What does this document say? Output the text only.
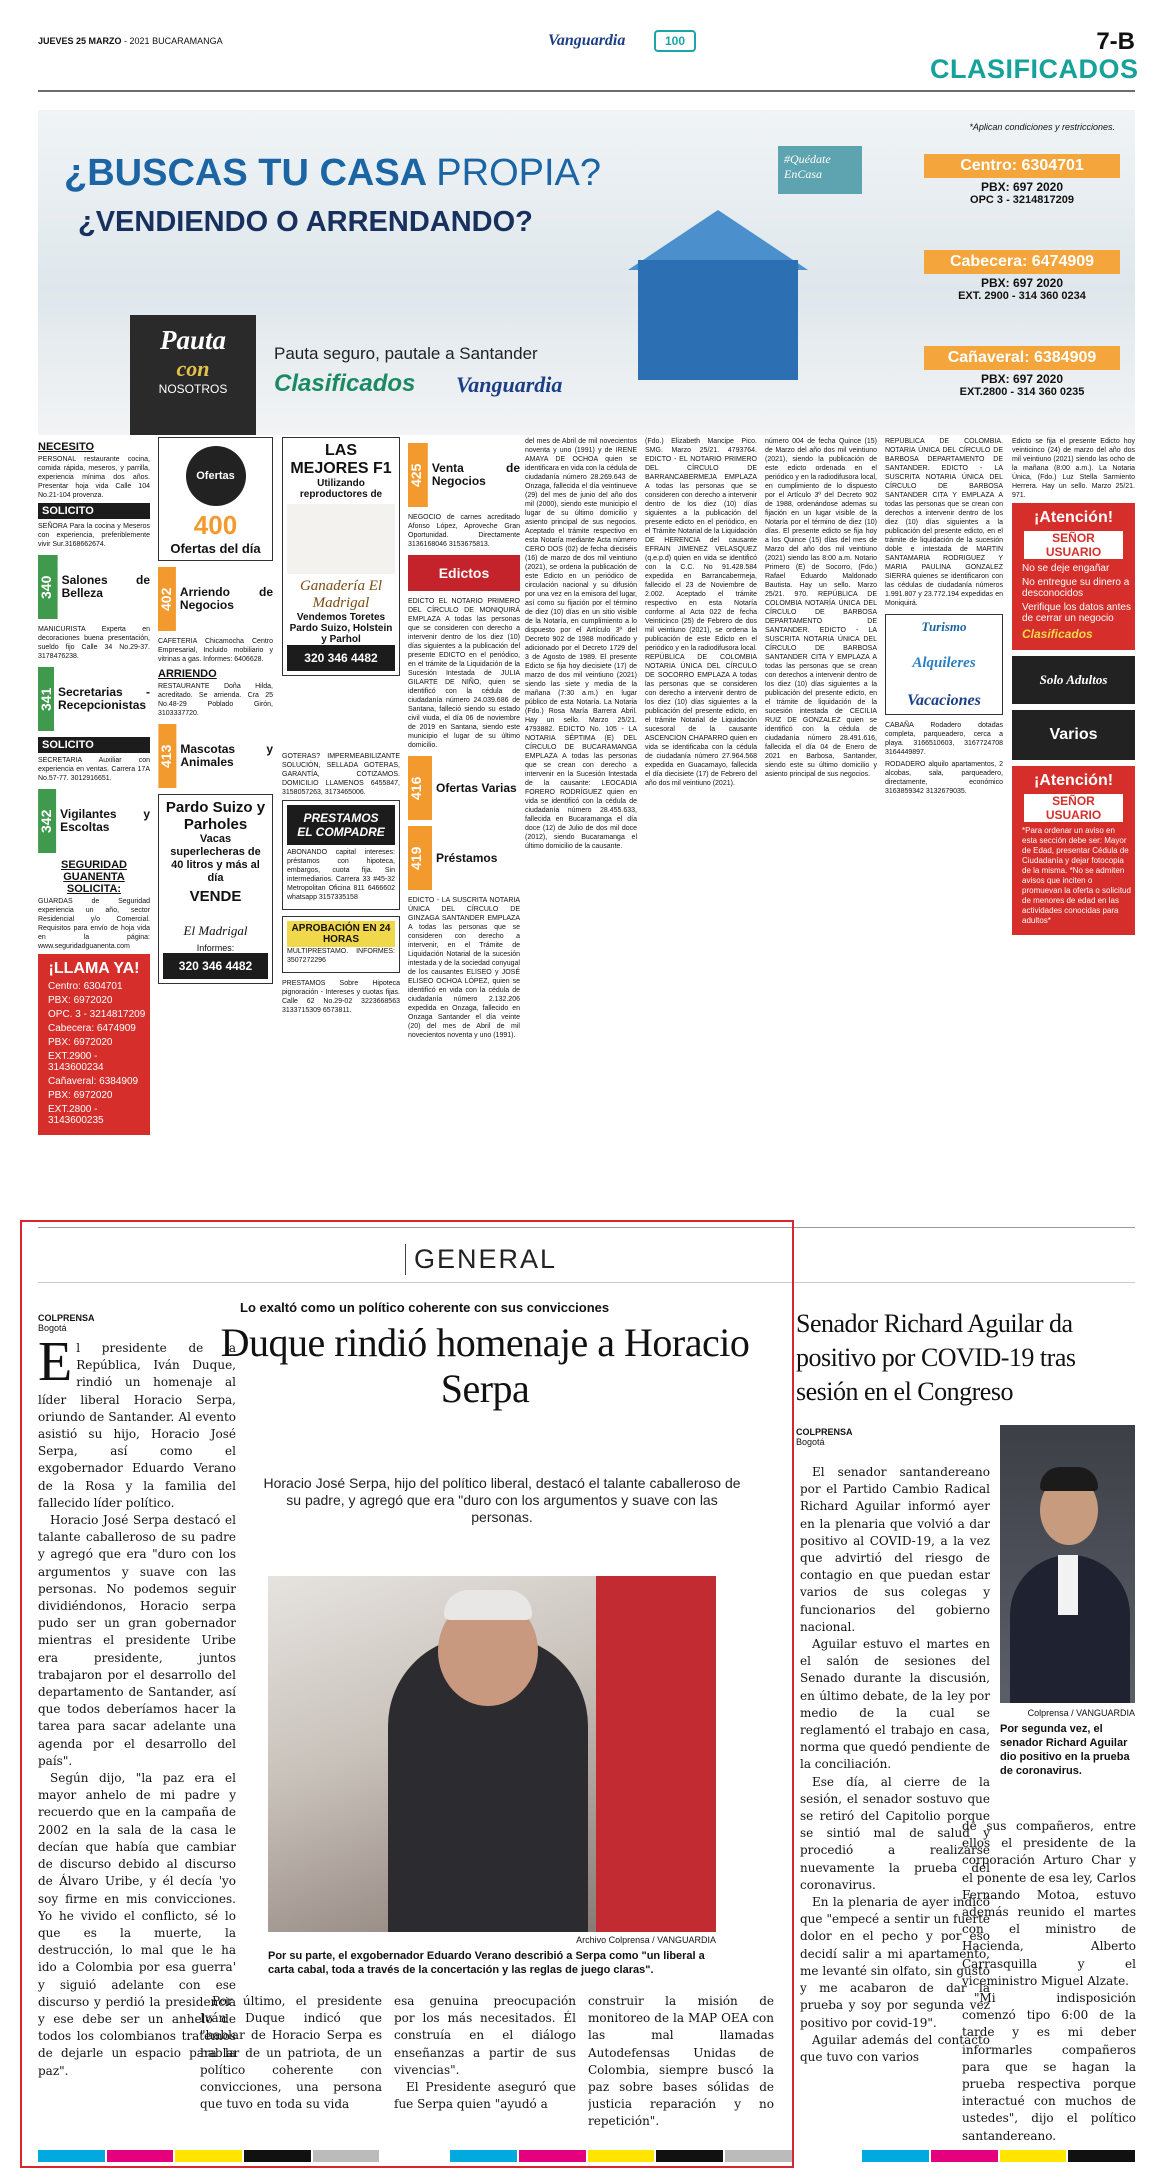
JUEVES 25 MARZO - 2021 BUCARAMANGA	Vanguardia	100	7-B
CLASIFICADOS
*Aplican condiciones y restricciones.
¿BUSCAS TU CASA PROPIA?
¿VENDIENDO O ARRENDANDO?
#Quédate EnCasa
Pauta
con
NOSOTROS
Pauta seguro, pautale a Santander
Clasificados Vanguardia
Centro: 6304701
PBX: 697 2020
OPC 3 - 3214817209
Cabecera: 6474909
PBX: 697 2020
EXT. 2900 - 314 360 0234
Cañaveral: 6384909
PBX: 697 2020
EXT.2800 - 314 360 0235
NECESITO

PERSONAL restaurante cocina, comida rápida, meseros, y parrilla, experiencia mínima dos años. Presentar hoja vida Calle 104 No.21-104 provenza.

SOLICITO

SEÑORA Para la cocina y Meseros con experiencia, preferiblemente vivir Sur.3168662674.

340 Salones de Belleza

MANICURISTA Experta en decoraciones buena presentación, sueldo fijo Calle 34 No.29-37. 3178476238.

341 Secretarias - Recepcionistas
SOLICITO

SECRETARIA Auxiliar con experiencia en ventas. Carrera 17A No.57-77. 3012916651.

342 Vigilantes y Escoltas
SEGURIDAD GUANENTA SOLICITA:

GUARDAS de Seguridad experiencia un año, sector Residencial y/o Comercial. Requisitos para envío de hoja vida en la página: www.seguridadguanenta.com

¡LLAMA YA!
Centro: 6304701
PBX: 6972020
OPC. 3 - 3214817209
Cabecera: 6474909
PBX: 6972020
EXT.2900 - 3143600234
Cañaveral: 6384909
PBX: 6972020
EXT.2800 - 3143600235
Ofertas
400
Ofertas del día
402 Arriendo de Negocios

CAFETERIA Chicamocha Centro Empresarial, Incluido mobiliario y vitrinas a gas. Informes: 6406628.

ARRIENDO

RESTAURANTE Doña Hilda, acreditado. Se arrienda. Cra 25 No.48-29 Poblado Girón, 3103337720.

413 Mascotas y Animales
Pardo Suizo y Parholes
Vacas superlecheras de 40 litros y más al día
VENDE
El Madrigal
Informes:
320 346 4482
LAS MEJORES F1
Utilizando reproductores de
Ganadería El Madrigal
Vendemos Toretes Pardo Suizo, Holstein y Parhol
320 346 4482

GOTERAS? IMPERMEABILIZANTE SOLUCIÓN, SELLADA GOTERAS, GARANTÍA, COTIZAMOS. DOMICILIO LLAMENOS 6455847, 3158057263, 3173465006.

PRESTAMOS
EL COMPADRE

ABONANDO capital intereses: préstamos con hipoteca, embargos, cuota fija. Sin intermediarios. Carrera 33 #45-32 Metropolitan Oficina 811 6466602 whatsapp 3157335158

APROBACIÓN EN 24 HORAS

MULTIPRESTAMO. INFORMES: 3507272296

PRESTAMOS Sobre Hipoteca pignoración - Intereses y cuotas fijas. Calle 62 No.29-02 3223668563 3133715309 6573811.

425 Venta de Negocios

NEGOCIO de carnes acreditado Afonso López, Aproveche Gran Oportunidad. Directamente 3136168046 3153675813.

Edictos

EDICTO EL NOTARIO PRIMERO DEL CÍRCULO DE MONIQUIRÁ EMPLAZA A todas las personas que se consideren con derecho a intervenir dentro de los diez (10) días siguientes a la publicación del presente EDICTO en el periódico, en el trámite de la Liquidación de la Sucesión Intestada de JULIA GILARTE DE NIÑO, quien se identificó con la cédula de ciudadanía número 24.039.686 de Santana, falleció siendo su estado civil viuda, el día 06 de noviembre de 2019 en Santana, siendo este municipio el lugar de su último domicilio.

416	Ofertas Varias
419	Préstamos

EDICTO - LA SUSCRITA NOTARIA ÚNICA DEL CÍRCULO DE GINZAGA SANTANDER EMPLAZA A todas las personas que se consideren con derecho a intervenir, en el Trámite de Liquidación Notarial de la sucesión intestada y de la sociedad conyugal de los causantes ELISEO y JOSÉ ELISEO OCHOA LÓPEZ, quien se identificó en vida con la cédula de ciudadanía número 2.132.206 expedida en Onzaga, fallecido en Onzaga Santander el día veinte (20) del mes de Abril de mil novecientos noventa y uno (1991).

del mes de Abril de mil novecientos noventa y uno (1991) y de IRENE AMAYA DE OCHOA quien se identificara en vida con la cédula de ciudadanía número 28.269.643 de Onzaga, fallecida el día veintinueve (29) del mes de junio del año dos mil (2000), siendo este municipio el lugar de su último domicilio y asiento principal de sus negocios. Aceptado el trámite respectivo en esta Notaría mediante Acta número CERO DOS (02) de fecha dieciséis (16) de marzo de dos mil veintiuno (2021), se ordena la publicación de este Edicto en un periódico de circulación nacional y su difusión por una vez en la emisora del lugar, así como su fijación por el término de diez (10) días en un sitio visible de la Notaría, en cumplimiento a lo dispuesto por el Artículo 3º del Decreto 902 de 1988 modificado y adicionado por el Decreto 1729 del 3 de Agosto de 1989. El presente Edicto se fija hoy diecisiete (17) de marzo de dos mil veintiuno (2021) siendo las siete y media de la mañana (7:30 a.m.) en lugar público de esta Notaría. La Notaria (Fdo.) Rosa María Barrera Abril. Hay un sello. Marzo 25/21. 4793882. EDICTO No. 105 - LA NOTARIA SÉPTIMA (E) DEL CÍRCULO DE BUCARAMANGA EMPLAZA A todas las personas que se crean con derecho a intervenir en la Sucesión Intestada de la causante: LEOCADIA FORERO RODRÍGUEZ quien en vida se identificó con la cédula de ciudadanía número 28.455.633, fallecida en Bucaramanga el día doce (12) de Julio de dos mil doce (2012), siendo Bucaramanga el último domicilio de la causante.

(Fdo.) Elizabeth Mancipe Pico. SMG. Marzo 25/21. 4793764. EDICTO - EL NOTARIO PRIMERO DEL CÍRCULO DE BARRANCABERMEJA EMPLAZA A todas las personas que se consideren con derecho a intervenir dentro de los diez (10) días siguientes a la publicación del presente edicto en el periódico, en el Trámite Notarial de la Liquidación DE HERENCIA del causante EFRAIN JIMENEZ VELASQUEZ (q.e.p.d) quien en vida se identificó con la C.C. No 91.428.584 expedida en Barrancabermeja, fallecido el 23 de Noviembre de 2.002. Aceptado el trámite respectivo en esta Notaría conforme al Acta 022 de fecha Veinticinco (25) de Febrero de dos mil veintiuno (2021), se ordena la publicación de este Edicto en el periódico y en la radiodifusora local. REPÚBLICA DE COLOMBIA NOTARIA ÚNICA DEL CÍRCULO DE SOCORRO EMPLAZA A todas las personas que se consideren con derecho a intervenir dentro de los diez (10) días siguientes a la publicación del presente edicto, en el trámite Notarial de Liquidación sucesoral de la causante ASCENCION CHAPARRO quien en vida se identificaba con la cédula de ciudadanía número 27.964.568 expedida en Guacamayo, fallecida el día diecisiete (17) de Febrero del año dos mil veintiuno (2021).

número 004 de fecha Quince (15) de Marzo del año dos mil veintiuno (2021), siendo la publicación de este edicto ordenada en el periódico y en la radiodifusora local, en cumplimiento de lo dispuesto por el Artículo 3º del Decreto 902 de 1988, ordenándose ademas su fijación en un lugar visible de la Notaría por el término de diez (10) días. El presente edicto se fija hoy a los Quince (15) días del mes de Marzo del año dos mil veintiuno (2021) siendo las 8:00 a.m. Notario Primero (E) de Socorro, (Fdo.) Rafael Eduardo Maldonado Bautista. Hay un sello. Marzo 25/21. 970. REPÚBLICA DE COLOMBIA NOTARÍA ÚNICA DEL CÍRCULO DE BARBOSA DEPARTAMENTO DE SANTANDER. EDICTO - LA SUSCRITA NOTARIA ÚNICA DEL CÍRCULO DE BARBOSA SANTANDER CITA Y EMPLAZA A todas las personas que se crean con derechos a intervenir dentro de los diez (10) días siguientes a la publicación del presente edicto, en el trámite de liquidación de la sucesión intestada de CECILIA RUIZ DE GONZALEZ quien se identificó con la cédula de ciudadanía número 28.491.616, fallecida el día 04 de Enero de 2021 en Barbosa, Santander, siendo este su último domicilio y asiento principal de sus negocios.

REPÚBLICA DE COLOMBIA. NOTARIA ÚNICA DEL CÍRCULO DE BARBOSA DEPARTAMENTO DE SANTANDER. EDICTO - LA SUSCRITA NOTARIA ÚNICA DEL CÍRCULO DE BARBOSA SANTANDER CITA Y EMPLAZA A todas las personas que se crean con derechos a intervenir dentro de los diez (10) días siguientes a la publicación del presente edicto, en el trámite de liquidación de la sucesión doble e intestada de MARTIN SANTAMARIA RODRIGUEZ Y MARIA PAULINA GONZALEZ SIERRA quienes se identificaron con las cédulas de ciudadanía números 1.991.807 y 23.772.194 expedidas en Moniquirá.

Turismo
Alquileres
Vacaciones

CABAÑA Rodadero dotadas completa, parqueadero, cerca a playa. 3166510603, 3167724708 3164449897.

RODADERO alquilo apartamentos, 2 alcobas, sala, parqueadero, directamente, económico 3163859342 3132679035.

Edicto se fija el presente Edicto hoy veinticinco (24) de marzo del año dos mil veintiuno (2021) siendo las ocho de la mañana (8:00 a.m.). La Notaria Única, (Fdo.) Luz Stella Sarmiento Herrera. Hay un sello. Marzo 25/21. 971.

¡Atención!
SEÑOR USUARIO
No se deje engañar
No entregue su dinero a desconocidos
Verifique los datos antes de cerrar un negocio
Clasificados
Solo Adultos
Varios
¡Atención!
SEÑOR USUARIO
*Para ordenar un aviso en esta sección debe ser: Mayor de Edad, presentar Cédula de Ciudadanía y dejar fotocopia de la misma. *No se admiten avisos que inciten o promuevan la oferta o solicitud de menores de edad en las actividades conocidas para adultos*
GENERAL
COLPRENSA
Bogotá
Lo exaltó como un político coherente con sus convicciones
Duque rindió homenaje a Horacio Serpa
Horacio José Serpa, hijo del político liberal, destacó el talante caballeroso de su padre, y agregó que era "duro con los argumentos y suave con las personas.
Archivo Colprensa / VANGUARDIA
Por su parte, el exgobernador Eduardo Verano describió a Serpa como "un liberal a carta cabal, toda a través de la concertación y las reglas de juego claras".

El presidente de la República, Iván Duque, rindió un homenaje al líder liberal Horacio Serpa, oriundo de Santander. Al evento asistió su hijo, Horacio José Serpa, así como el exgobernador Eduardo Verano de la Rosa y la familia del fallecido líder político.

Horacio José Serpa destacó el talante caballeroso de su padre y agregó que era "duro con los argumentos y suave con las personas. No podemos seguir dividiéndonos, Horacio serpa pudo ser un gran gobernador mientras el presidente Uribe era presidente, juntos trabajaron por el desarrollo del departamento de Santander, así que todos deberíamos hacer la tarea para sacar adelante una agenda por el desarrollo del país".

Según dijo, "la paz era el mayor anhelo de mi padre y recuerdo que en la campaña de 2002 en la sala de la casa le decían que había que cambiar de discurso debido al discurso de Álvaro Uribe, y él decía 'yo soy firme en mis convicciones. Yo he vivido el conflicto, sé lo que es la muerte, la destrucción, lo mal que le ha ido a Colombia por esa guerra' y siguió adelante con ese discurso y perdió la presidencia y ese debe ser un anhelo de todos los colombianos tratemos de dejarle un espacio para la paz".

Por último, el presidente Iván Duque indicó que "hablar de Horacio Serpa es hablar de un patriota, de un político coherente con convicciones, una persona que tuvo en toda su vida

esa genuina preocupación por los más necesitados. Él construía en el diálogo enseñanzas a partir de sus vivencias".

El Presidente aseguró que fue Serpa quien "ayudó a

construir la misión de monitoreo de la MAP OEA con las mal llamadas Autodefensas Unidas de Colombia, siempre buscó la paz sobre bases sólidas de justicia reparación y no repetición".

Senador Richard Aguilar da positivo por COVID-19 tras sesión en el Congreso
COLPRENSA
Bogotá
Colprensa / VANGUARDIA
Por segunda vez, el senador Richard Aguilar dio positivo en la prueba de coronavirus.

El senador santandereano por el Partido Cambio Radical Richard Aguilar informó ayer en la plenaria que volvió a dar positivo al COVID-19, a la vez que advirtió del riesgo de contagio en que puedan estar varios de sus colegas y funcionarios del gobierno nacional.

Aguilar estuvo el martes en el salón de sesiones del Senado durante la discusión, en último debate, de la ley por medio de la cual se reglamentó el trabajo en casa, norma que quedó pendiente de la conciliación.

Ese día, al cierre de la sesión, el senador sostuvo que se retiró del Capitolio porque se sintió mal de salud y procedió a realizarse nuevamente la prueba del coronavirus.

En la plenaria de ayer indicó que "empecé a sentir un fuerte dolor en el pecho y por eso decidí salir a mi apartamento, me levanté sin olfato, sin gusto y me acabaron de dar la prueba y soy por segunda vez positivo por covid-19".

Aguilar además del contacto que tuvo con varios

de sus compañeros, entre ellos el presidente de la corporación Arturo Char y el ponente de esa ley, Carlos Fernando Motoa, estuvo además reunido el martes con el ministro de Hacienda, Alberto Carrasquilla y el viceministro Miguel Alzate.

"Mi indisposición comenzó tipo 6:00 de la tarde y es mi deber informarles compañeros para que se hagan la prueba respectiva porque interactué con muchos de ustedes", dijo el político santandereano.
